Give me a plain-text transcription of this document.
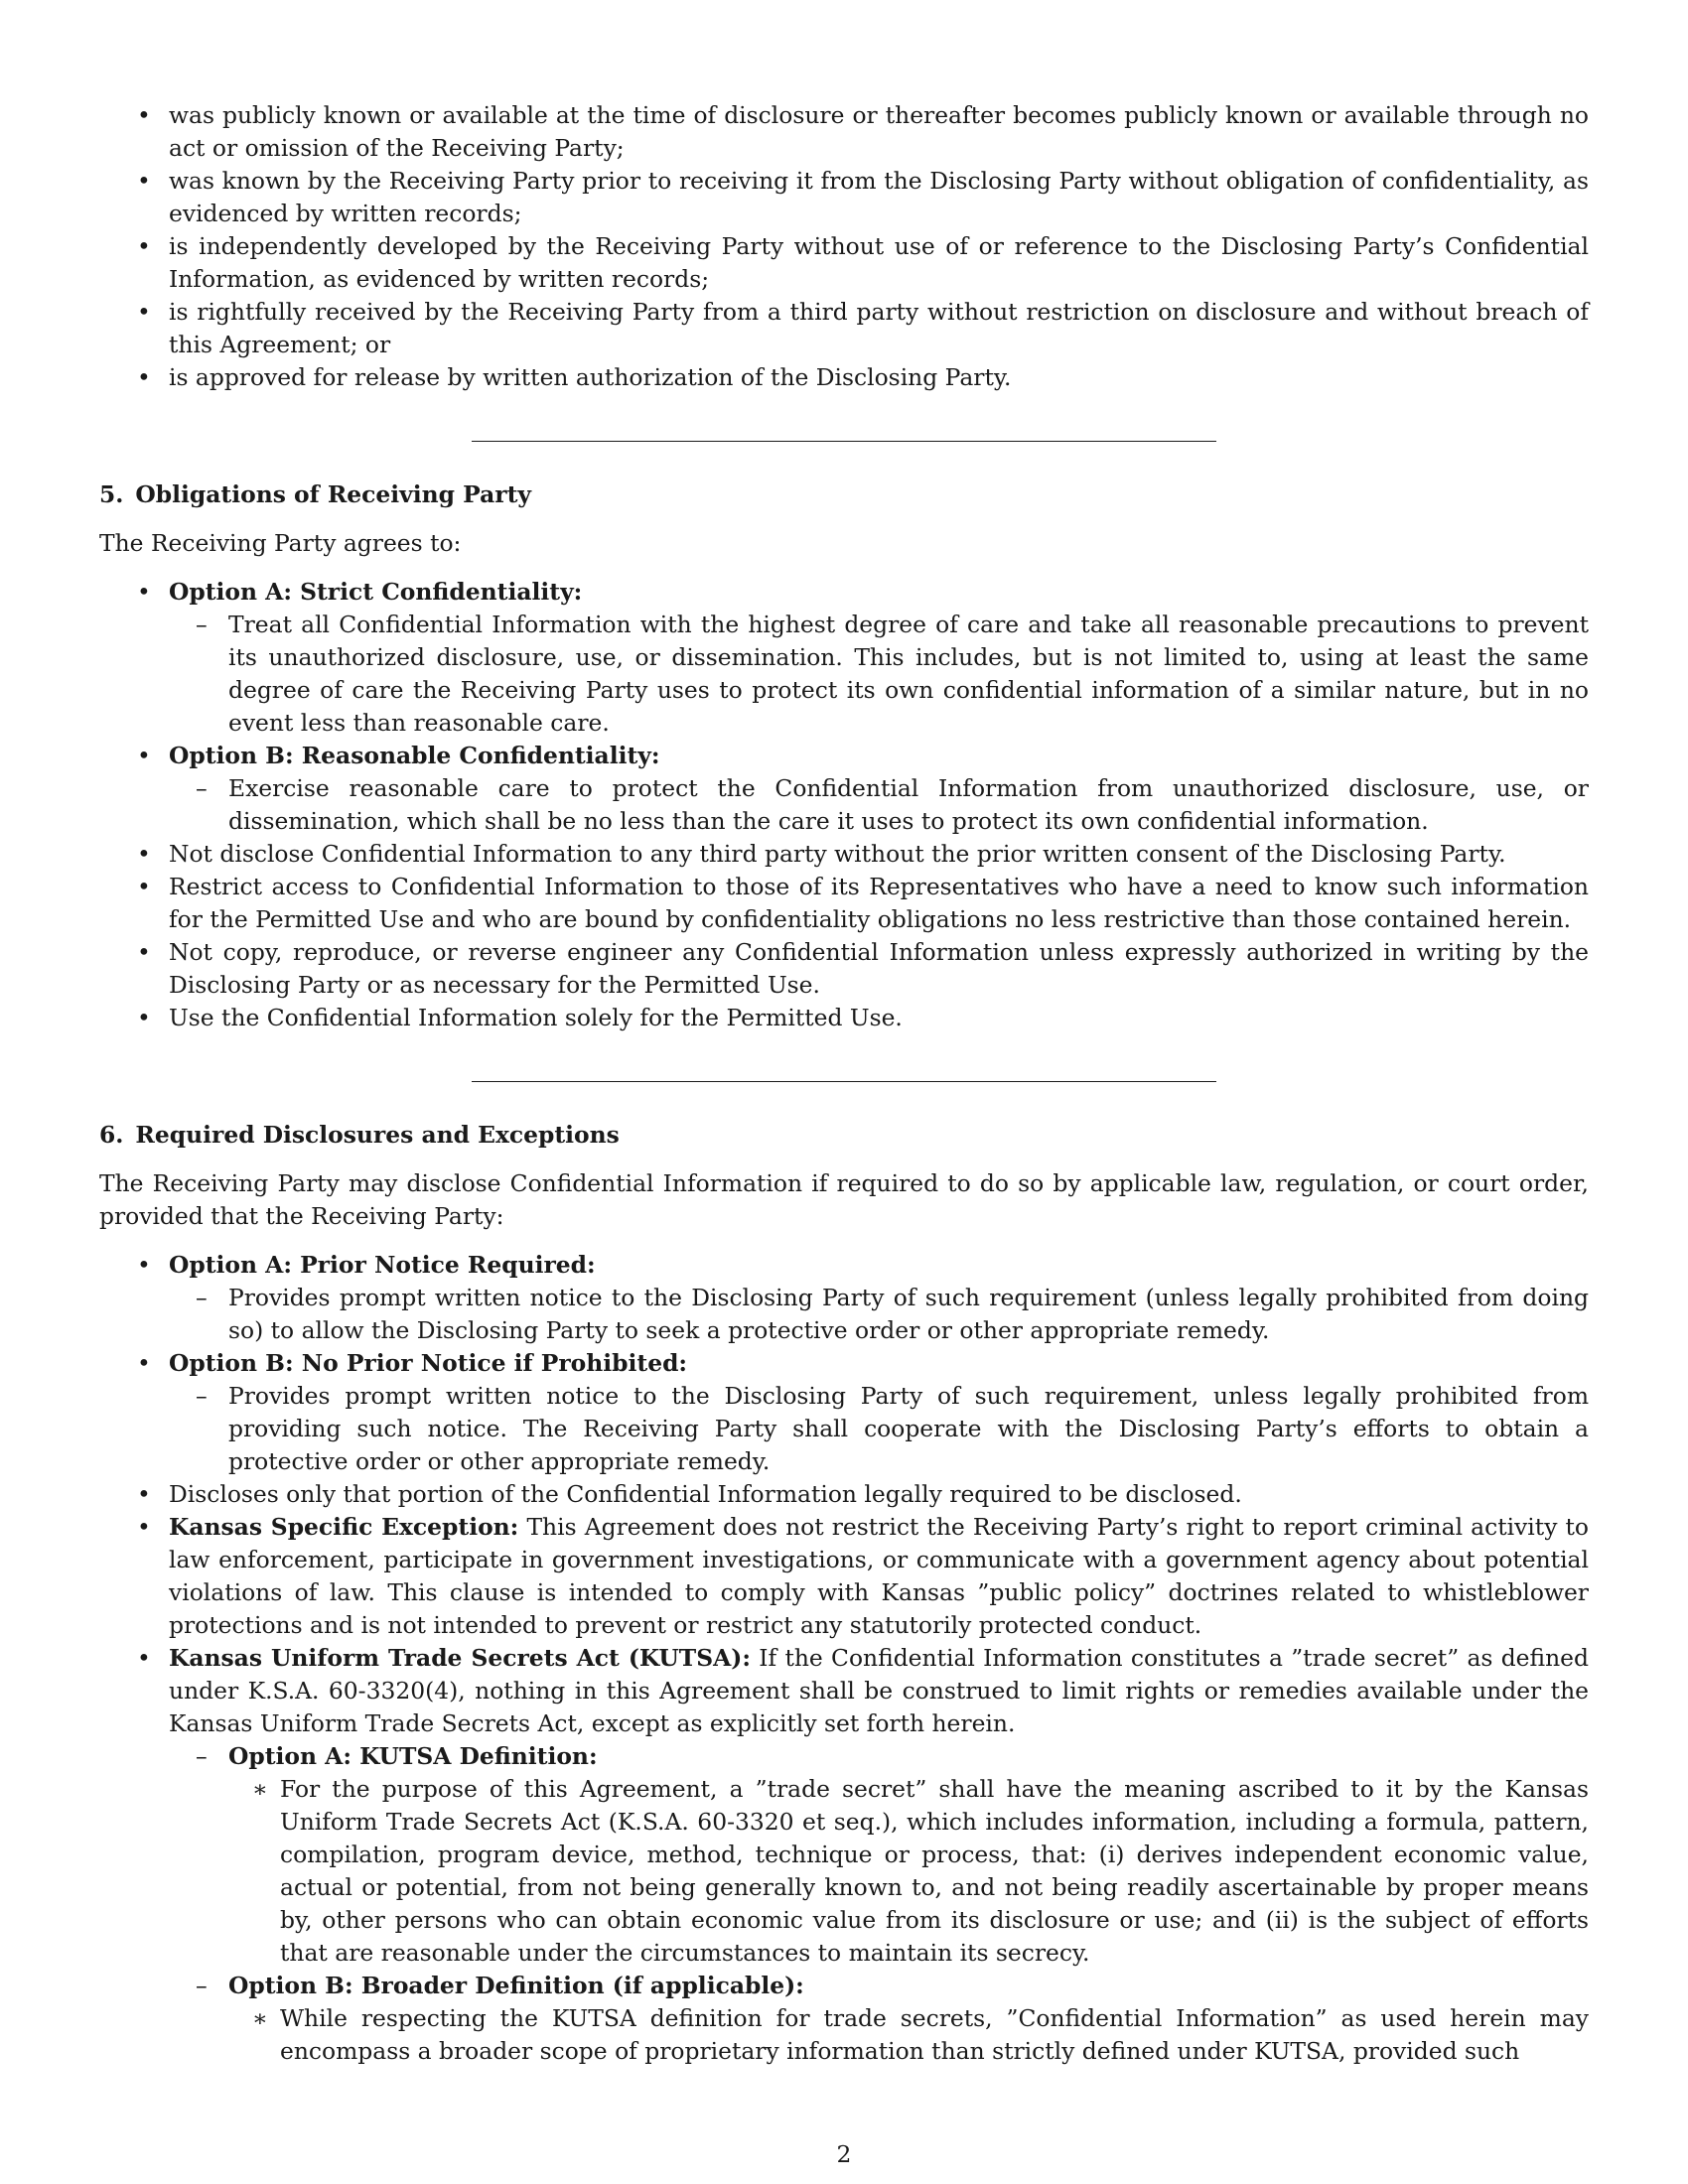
• was publicly known or available at the time of disclosure or thereafter becomes publicly known or available through no act or omission of the Receiving Party;
• was known by the Receiving Party prior to receiving it from the Disclosing Party without obligation of confidentiality, as evidenced by written records;
• is independently developed by the Receiving Party without use of or reference to the Disclosing Party’s Confidential Information, as evidenced by written records;
• is rightfully received by the Receiving Party from a third party without restriction on disclosure and without breach of this Agreement; or
• is approved for release by written authorization of the Disclosing Party.
5. Obligations of Receiving Party

The Receiving Party agrees to:

• Option A: Strict Confidentiality:
– Treat all Confidential Information with the highest degree of care and take all reasonable precautions to prevent its unauthorized disclosure, use, or dissemination. This includes, but is not limited to, using at least the same degree of care the Receiving Party uses to protect its own confidential information of a similar nature, but in no event less than reasonable care.
• Option B: Reasonable Confidentiality:
– Exercise reasonable care to protect the Confidential Information from unauthorized disclosure, use, or dissemination, which shall be no less than the care it uses to protect its own confidential information.
• Not disclose Confidential Information to any third party without the prior written consent of the Disclosing Party.
• Restrict access to Confidential Information to those of its Representatives who have a need to know such information for the Permitted Use and who are bound by confidentiality obligations no less restrictive than those contained herein.
• Not copy, reproduce, or reverse engineer any Confidential Information unless expressly authorized in writing by the Disclosing Party or as necessary for the Permitted Use.
• Use the Confidential Information solely for the Permitted Use.
6. Required Disclosures and Exceptions

The Receiving Party may disclose Confidential Information if required to do so by applicable law, regulation, or court order, provided that the Receiving Party:

• Option A: Prior Notice Required:
– Provides prompt written notice to the Disclosing Party of such requirement (unless legally prohibited from doing so) to allow the Disclosing Party to seek a protective order or other appropriate remedy.
• Option B: No Prior Notice if Prohibited:
– Provides prompt written notice to the Disclosing Party of such requirement, unless legally prohibited from providing such notice. The Receiving Party shall cooperate with the Disclosing Party’s efforts to obtain a protective order or other appropriate remedy.
• Discloses only that portion of the Confidential Information legally required to be disclosed.
• Kansas Specific Exception: This Agreement does not restrict the Receiving Party’s right to report criminal activity to law enforcement, participate in government investigations, or communicate with a government agency about potential violations of law. This clause is intended to comply with Kansas ”public policy” doctrines related to whistleblower protections and is not intended to prevent or restrict any statutorily protected conduct.
• Kansas Uniform Trade Secrets Act (KUTSA): If the Confidential Information constitutes a ”trade secret” as defined under K.S.A. 60-3320(4), nothing in this Agreement shall be construed to limit rights or remedies available under the Kansas Uniform Trade Secrets Act, except as explicitly set forth herein.
– Option A: KUTSA Definition:
∗ For the purpose of this Agreement, a ”trade secret” shall have the meaning ascribed to it by the Kansas Uniform Trade Secrets Act (K.S.A. 60-3320 et seq.), which includes information, including a formula, pattern, compilation, program device, method, technique or process, that: (i) derives independent economic value, actual or potential, from not being generally known to, and not being readily ascertainable by proper means by, other persons who can obtain economic value from its disclosure or use; and (ii) is the subject of efforts that are reasonable under the circumstances to maintain its secrecy.
– Option B: Broader Definition (if applicable):
∗ While respecting the KUTSA definition for trade secrets, ”Confidential Information” as used herein may encompass a broader scope of proprietary information than strictly defined under KUTSA, provided such
2
